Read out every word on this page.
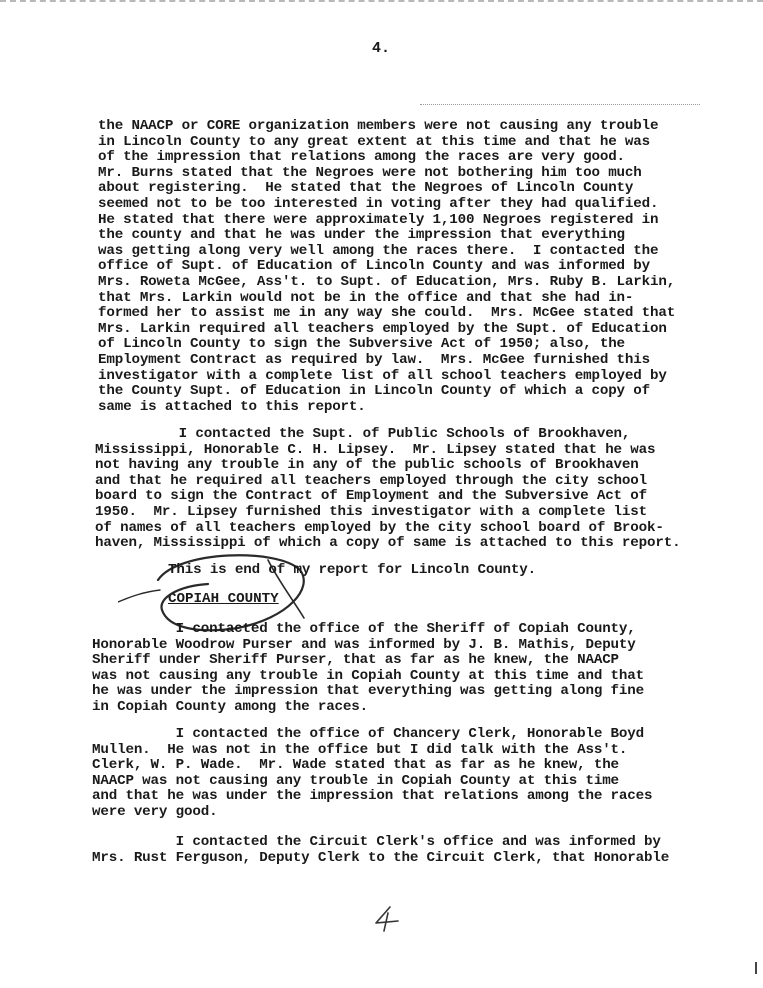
4.
COPIAH COUNTY
the NAACP or CORE organization members were not causing any trouble
in Lincoln County to any great extent at this time and that he was
of the impression that relations among the races are very good.
Mr. Burns stated that the Negroes were not bothering him too much
about registering.  He stated that the Negroes of Lincoln County
seemed not to be too interested in voting after they had qualified.
He stated that there were approximately 1,100 Negroes registered in
the county and that he was under the impression that everything
was getting along very well among the races there.  I contacted the
office of Supt. of Education of Lincoln County and was informed by
Mrs. Roweta McGee, Ass't. to Supt. of Education, Mrs. Ruby B. Larkin,
that Mrs. Larkin would not be in the office and that she had in-
formed her to assist me in any way she could.  Mrs. McGee stated that
Mrs. Larkin required all teachers employed by the Supt. of Education
of Lincoln County to sign the Subversive Act of 1950; also, the
Employment Contract as required by law.  Mrs. McGee furnished this
investigator with a complete list of all school teachers employed by
the County Supt. of Education in Lincoln County of which a copy of
same is attached to this report.
I contacted the Supt. of Public Schools of Brookhaven,
Mississippi, Honorable C. H. Lipsey.  Mr. Lipsey stated that he was
not having any trouble in any of the public schools of Brookhaven
and that he required all teachers employed through the city school
board to sign the Contract of Employment and the Subversive Act of
1950.  Mr. Lipsey furnished this investigator with a complete list
of names of all teachers employed by the city school board of Brook-
haven, Mississippi of which a copy of same is attached to this report.
This is end of my report for Lincoln County.
I contacted the office of the Sheriff of Copiah County,
Honorable Woodrow Purser and was informed by J. B. Mathis, Deputy
Sheriff under Sheriff Purser, that as far as he knew, the NAACP
was not causing any trouble in Copiah County at this time and that
he was under the impression that everything was getting along fine
in Copiah County among the races.
I contacted the office of Chancery Clerk, Honorable Boyd
Mullen.  He was not in the office but I did talk with the Ass't.
Clerk, W. P. Wade.  Mr. Wade stated that as far as he knew, the
NAACP was not causing any trouble in Copiah County at this time
and that he was under the impression that relations among the races
were very good.
I contacted the Circuit Clerk's office and was informed by
Mrs. Rust Ferguson, Deputy Clerk to the Circuit Clerk, that Honorable
